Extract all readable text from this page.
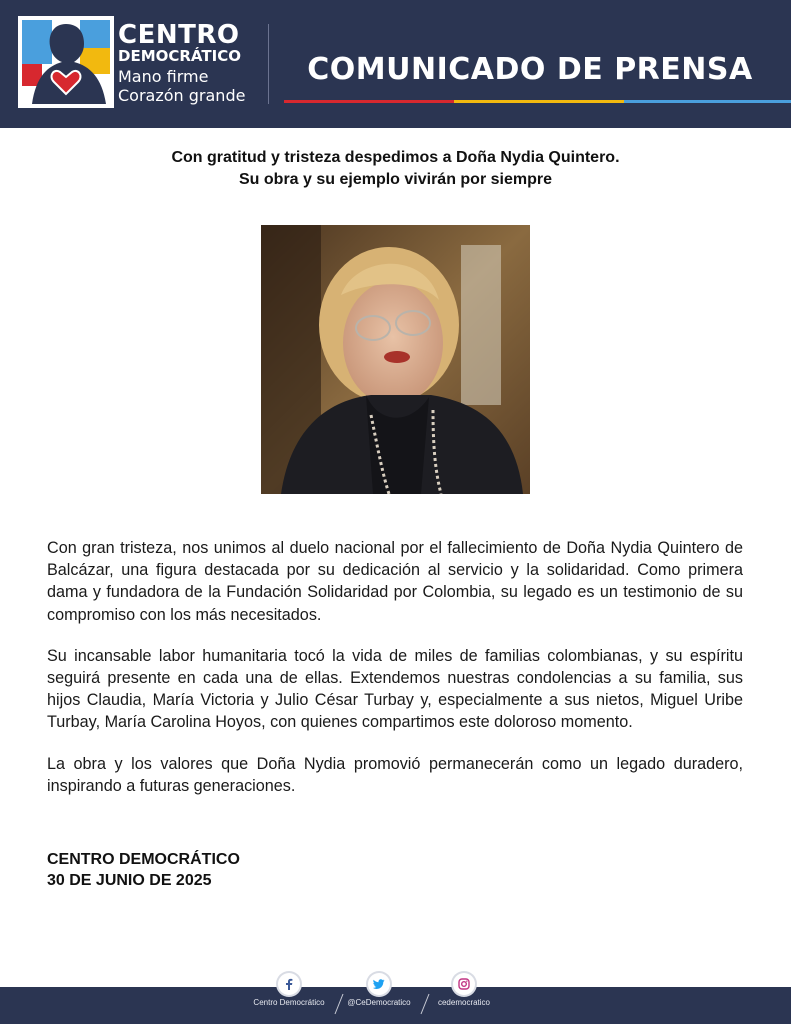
CENTRO
DEMOCRÁTICO
Mano firme
Corazón grande
COMUNICADO DE PRENSA
Con gratitud y tristeza despedimos a Doña Nydia Quintero.
Su obra y su ejemplo vivirán por siempre

Con gran tristeza, nos unimos al duelo nacional por el fallecimiento de Doña Nydia Quintero de Balcázar, una figura destacada por su dedicación al servicio y la solidaridad. Como primera dama y fundadora de la Fundación Solidaridad por Colombia, su legado es un testimonio de su compromiso con los más necesitados.

Su incansable labor humanitaria tocó la vida de miles de familias colombianas, y su espíritu seguirá presente en cada una de ellas. Extendemos nuestras condolencias a su familia, sus hijos Claudia, María Victoria y Julio César Turbay y, especialmente a sus nietos, Miguel Uribe Turbay, María Carolina Hoyos, con quienes compartimos este doloroso momento.

La obra y los valores que Doña Nydia promovió permanecerán como un legado duradero, inspirando a futuras generaciones.

CENTRO DEMOCRÁTICO
30 DE JUNIO DE 2025
Centro Democrático	@CeDemocratico	cedemocratico
